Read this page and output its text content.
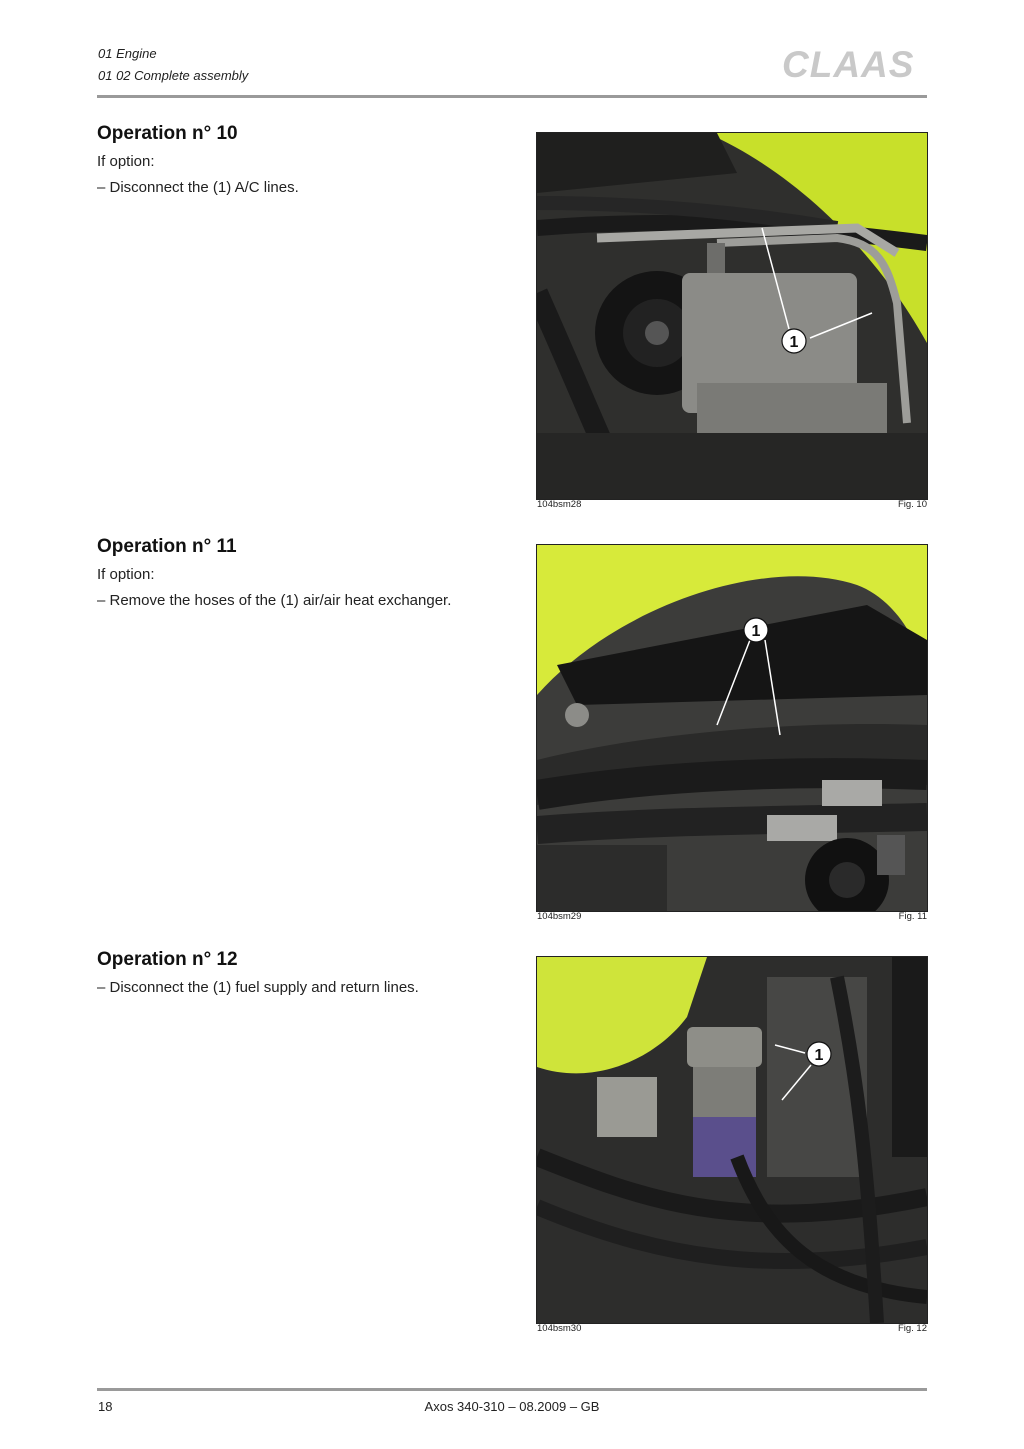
01 Engine
01 02 Complete assembly	CLAAS
Operation n° 10

If option:

– Disconnect the (1) A/C lines.

1
104bsm28	Fig. 10
Operation n° 11

If option:

– Remove the hoses of the (1) air/air heat exchanger.

1
104bsm29	Fig. 11
Operation n° 12

– Disconnect the (1) fuel supply and return lines.

1
104bsm30	Fig. 12
18	Axos 340-310 – 08.2009 – GB
